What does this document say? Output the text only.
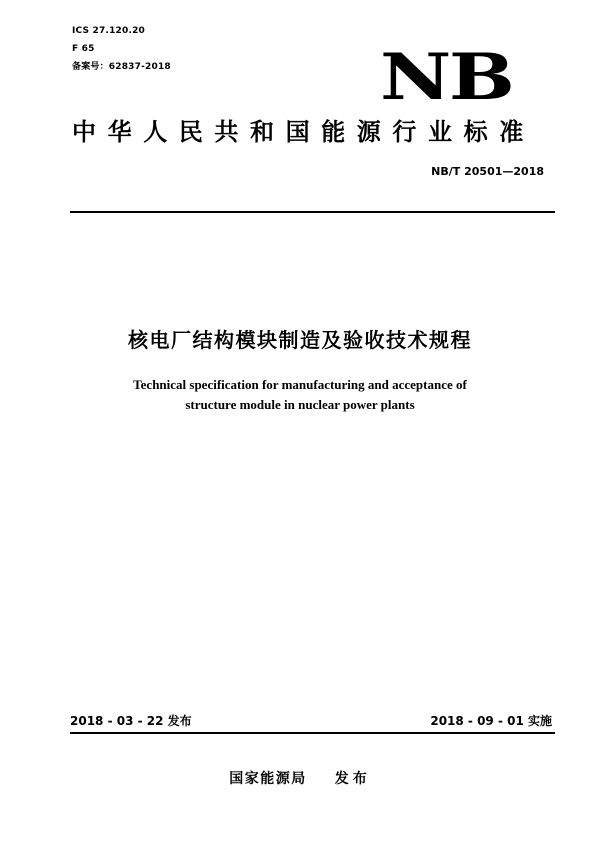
ICS 27.120.20
F 65
备案号：62837-2018	NB
中华人民共和国能源行业标准
NB/T 20501—2018
核电厂结构模块制造及验收技术规程
Technical specification for manufacturing and acceptance of
structure module in nuclear power plants
2018 - 03 - 22 发布	2018 - 09 - 01 实施
国家能源局 发布
